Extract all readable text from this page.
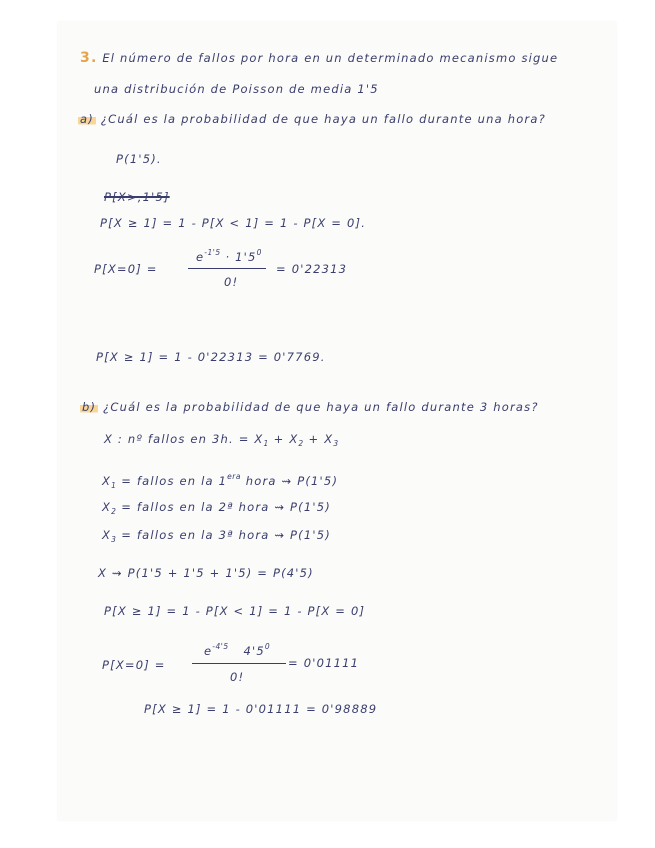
3. El número de fallos por hora en un determinado mecanismo sigue
una distribución de Poisson de media 1'5
a) ¿Cuál es la probabilidad de que haya un fallo durante una hora?
P(1'5).
P[X>,1'5]
P[X ≥ 1] = 1 - P[X < 1] = 1 - P[X = 0].
P[X=0] =
$e^{-1'5} \cdot 1'5^0$
0!
= 0'22313
P[X ≥ 1] = 1 - 0'22313 = 0'7769.
b) ¿Cuál es la probabilidad de que haya un fallo durante 3 horas?
X : nº fallos en 3h. = $X_1 + X_2 + X_3$
$X_1$ = fallos en la $1^{era}$ hora ⇝ P(1'5)
$X_2$ = fallos en la 2ª hora ⇝ P(1'5)
$X_3$ = fallos en la 3ª hora ⇝ P(1'5)
X ⇝ P(1'5 + 1'5 + 1'5) = P(4'5)
P[X ≥ 1] = 1 - P[X < 1] = 1 - P[X = 0]
P[X=0] =
$e^{-4'5}$ $4'5^0$
0!
= 0'01111
P[X ≥ 1] = 1 - 0'01111 = 0'98889
